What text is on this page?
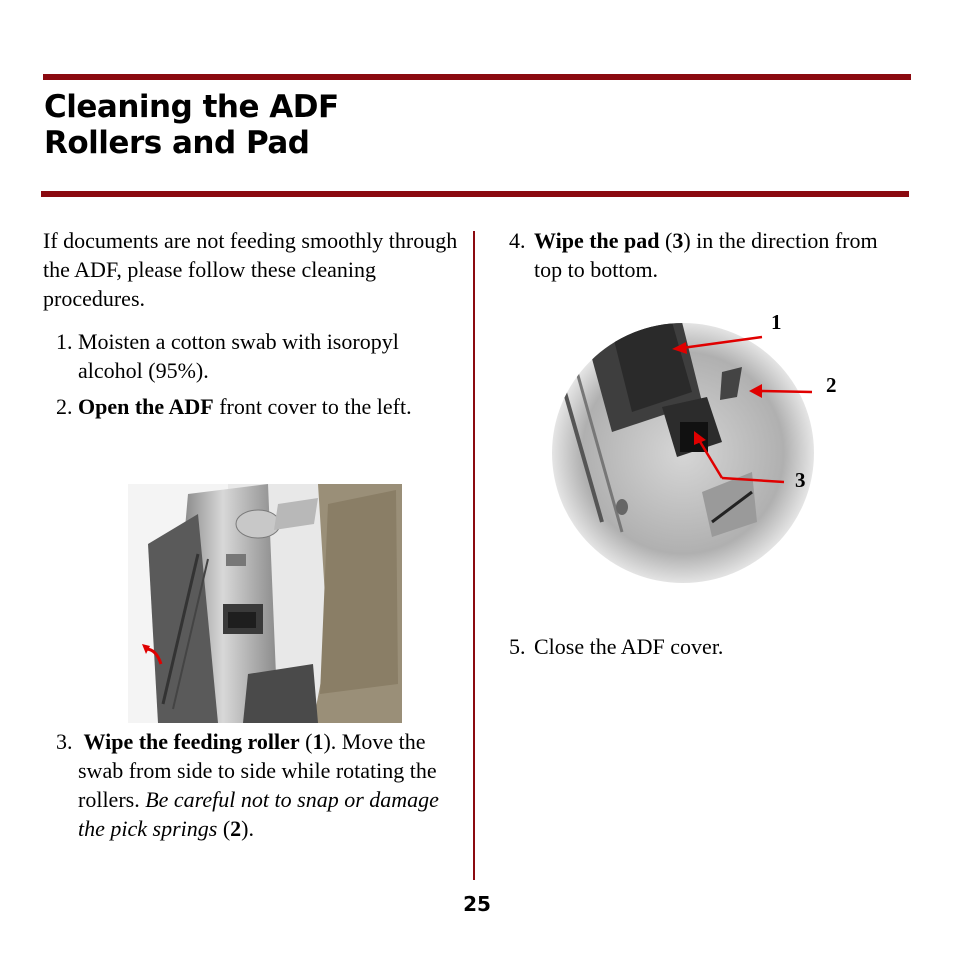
Cleaning the ADF
Rollers and Pad
If documents are not feeding smoothly through the ADF, please follow these cleaning procedures.
1. Moisten a cotton swab with isoropyl alcohol (95%).
2. Open the ADF front cover to the left.
3. Wipe the feeding roller (1). Move the swab from side to side while rotating the rollers. Be careful not to snap or damage the pick springs (2).
4. Wipe the pad (3) in the direction from top to bottom.
1
2
3
5. Close the ADF cover.
25
